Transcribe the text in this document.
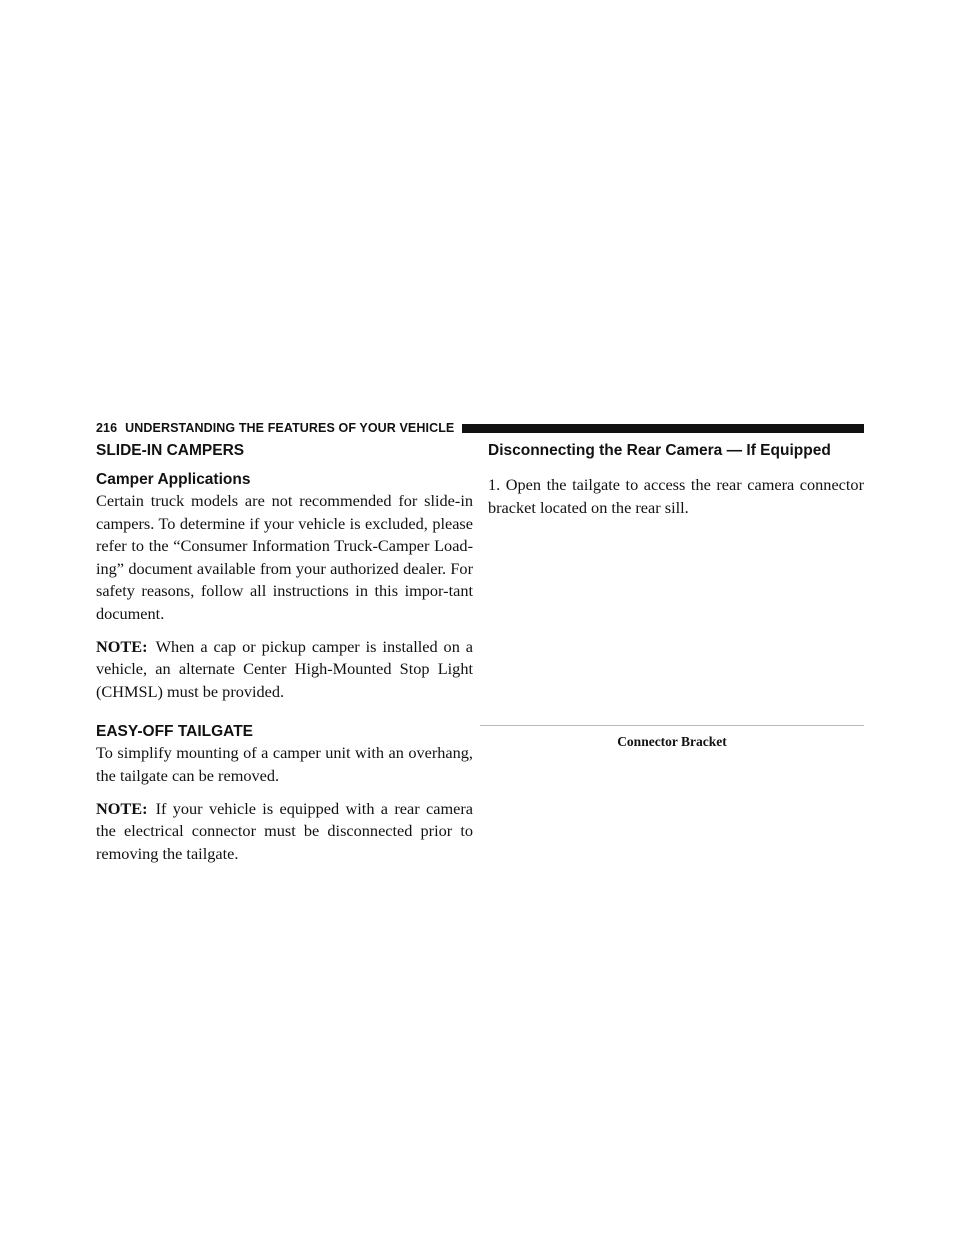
216 UNDERSTANDING THE FEATURES OF YOUR VEHICLE
SLIDE-IN CAMPERS
Camper Applications

Certain truck models are not recommended for slide-in campers. To determine if your vehicle is excluded, please refer to the “Consumer Information Truck-Camper Load-ing” document available from your authorized dealer. For safety reasons, follow all instructions in this impor-tant document.

NOTE: When a cap or pickup camper is installed on a vehicle, an alternate Center High-Mounted Stop Light (CHMSL) must be provided.

EASY-OFF TAILGATE

To simplify mounting of a camper unit with an overhang, the tailgate can be removed.

NOTE: If your vehicle is equipped with a rear camera the electrical connector must be disconnected prior to removing the tailgate.

Disconnecting the Rear Camera — If Equipped

1. Open the tailgate to access the rear camera connector bracket located on the rear sill.

Connector Bracket
